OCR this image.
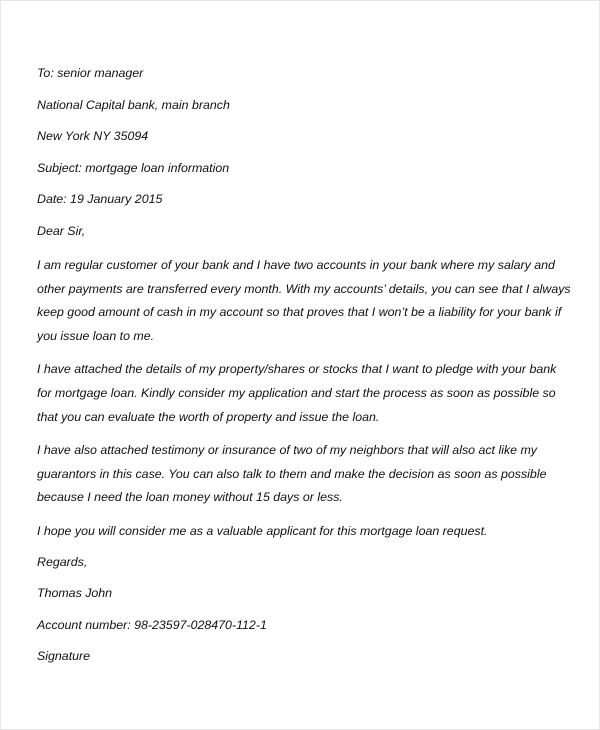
To: senior manager

National Capital bank, main branch

New York NY 35094

Subject: mortgage loan information

Date: 19 January 2015

Dear Sir,

I am regular customer of your bank and I have two accounts in your bank where my salary and
other payments are transferred every month. With my accounts’ details, you can see that I always
keep good amount of cash in my account so that proves that I won’t be a liability for your bank if
you issue loan to me.
I have attached the details of my property/shares or stocks that I want to pledge with your bank
for mortgage loan. Kindly consider my application and start the process as soon as possible so
that you can evaluate the worth of property and issue the loan.
I have also attached testimony or insurance of two of my neighbors that will also act like my
guarantors in this case. You can also talk to them and make the decision as soon as possible
because I need the loan money without 15 days or less.
I hope you will consider me as a valuable applicant for this mortgage loan request.

Regards,

Thomas John

Account number: 98-23597-028470-112-1

Signature
